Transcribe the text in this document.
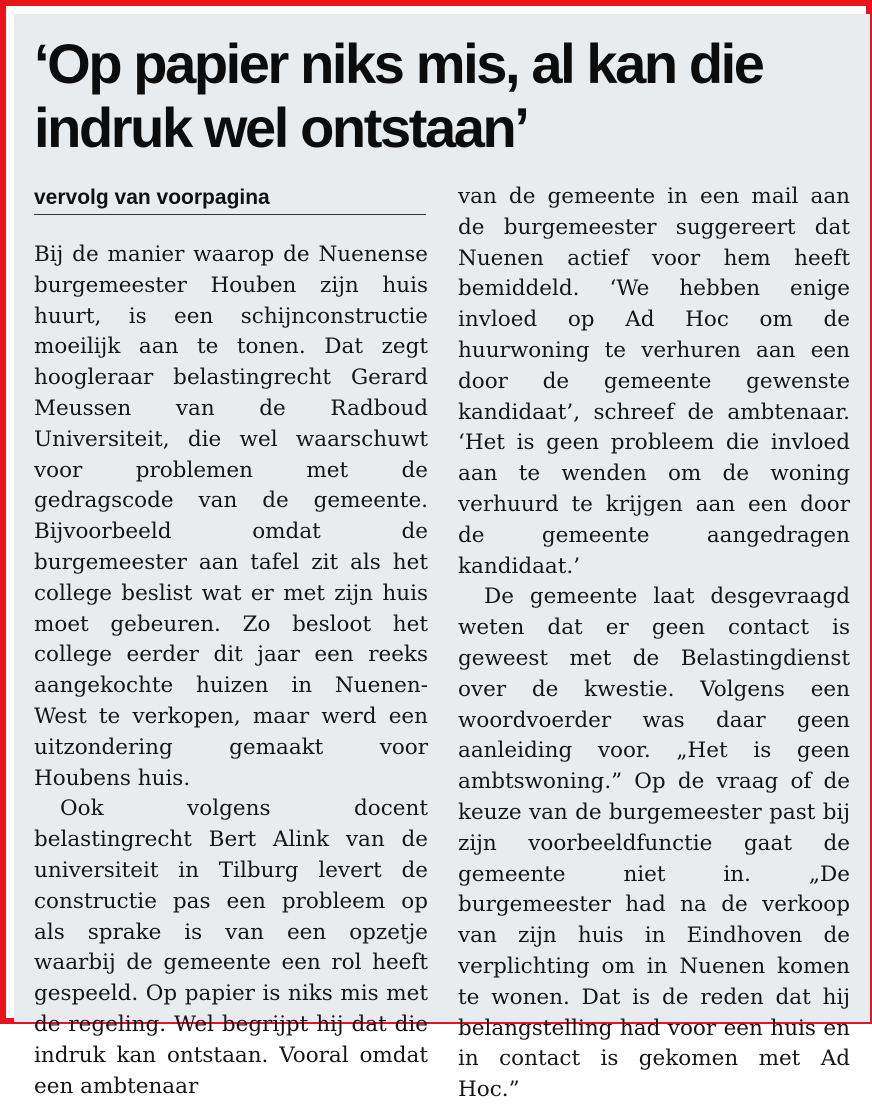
‘Op papier niks mis, al kan die indruk wel ontstaan’
vervolg van voorpagina

Bij de manier waarop de Nuenense burgemeester Houben zijn huis huurt, is een schijnconstructie moeilijk aan te tonen. Dat zegt hoogleraar belastingrecht Gerard Meussen van de Radboud Universiteit, die wel waarschuwt voor problemen met de gedragscode van de gemeente. Bijvoorbeeld omdat de burgemeester aan tafel zit als het college beslist wat er met zijn huis moet gebeuren. Zo besloot het college eerder dit jaar een reeks aangekochte huizen in Nuenen-West te verkopen, maar werd een uitzondering gemaakt voor Houbens huis.

Ook volgens docent belastingrecht Bert Alink van de universiteit in Tilburg levert de constructie pas een probleem op als sprake is van een opzetje waarbij de gemeente een rol heeft gespeeld. Op papier is niks mis met de regeling. Wel begrijpt hij dat die indruk kan ontstaan. Vooral omdat een ambtenaar

van de gemeente in een mail aan de burgemeester suggereert dat Nuenen actief voor hem heeft bemiddeld. ‘We hebben enige invloed op Ad Hoc om de huurwoning te verhuren aan een door de gemeente gewenste kandidaat’, schreef de ambtenaar. ‘Het is geen probleem die invloed aan te wenden om de woning verhuurd te krijgen aan een door de gemeente aangedragen kandidaat.’

De gemeente laat desgevraagd weten dat er geen contact is geweest met de Belastingdienst over de kwestie. Volgens een woordvoerder was daar geen aanleiding voor. „Het is geen ambtswoning.” Op de vraag of de keuze van de burgemeester past bij zijn voorbeeldfunctie gaat de gemeente niet in. „De burgemeester had na de verkoop van zijn huis in Eindhoven de verplichting om in Nuenen komen te wonen. Dat is de reden dat hij belangstelling had voor een huis en in contact is gekomen met Ad Hoc.”
